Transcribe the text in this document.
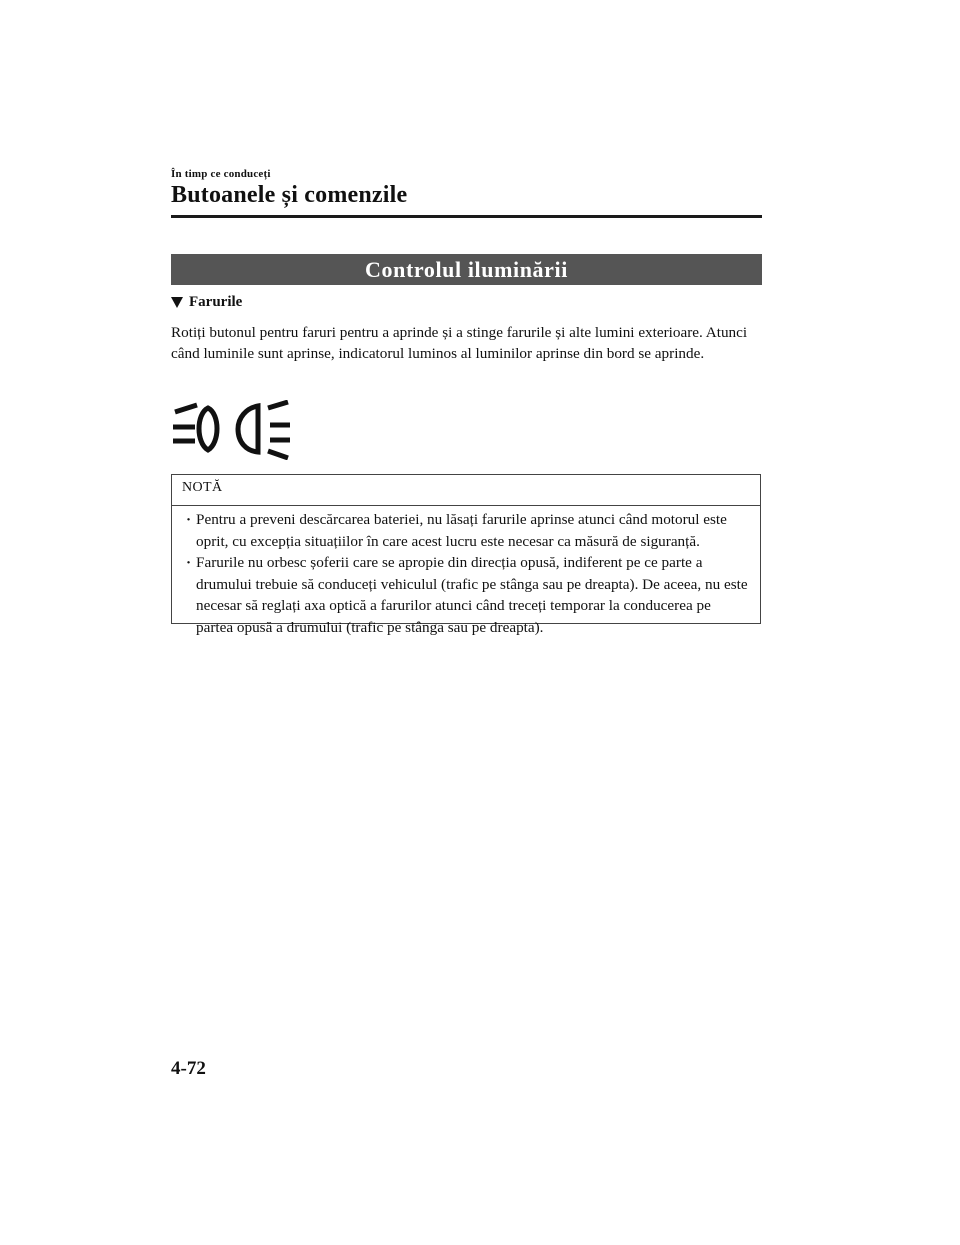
În timp ce conduceți
Butoanele și comenzile
Controlul iluminării
Farurile

Rotiți butonul pentru faruri pentru a aprinde și a stinge farurile și alte lumini exterioare. Atunci când luminile sunt aprinse, indicatorul luminos al luminilor aprinse din bord se aprinde.

NOTĂ
· Pentru a preveni descărcarea bateriei, nu lăsați farurile aprinse atunci când motorul este oprit, cu excepția situațiilor în care acest lucru este necesar ca măsură de siguranță.
· Farurile nu orbesc șoferii care se apropie din direcția opusă, indiferent pe ce parte a drumului trebuie să conduceți vehiculul (trafic pe stânga sau pe dreapta). De aceea, nu este necesar să reglați axa optică a farurilor atunci când treceți temporar la conducerea pe partea opusă a drumului (trafic pe stânga sau pe dreapta).
4-72
